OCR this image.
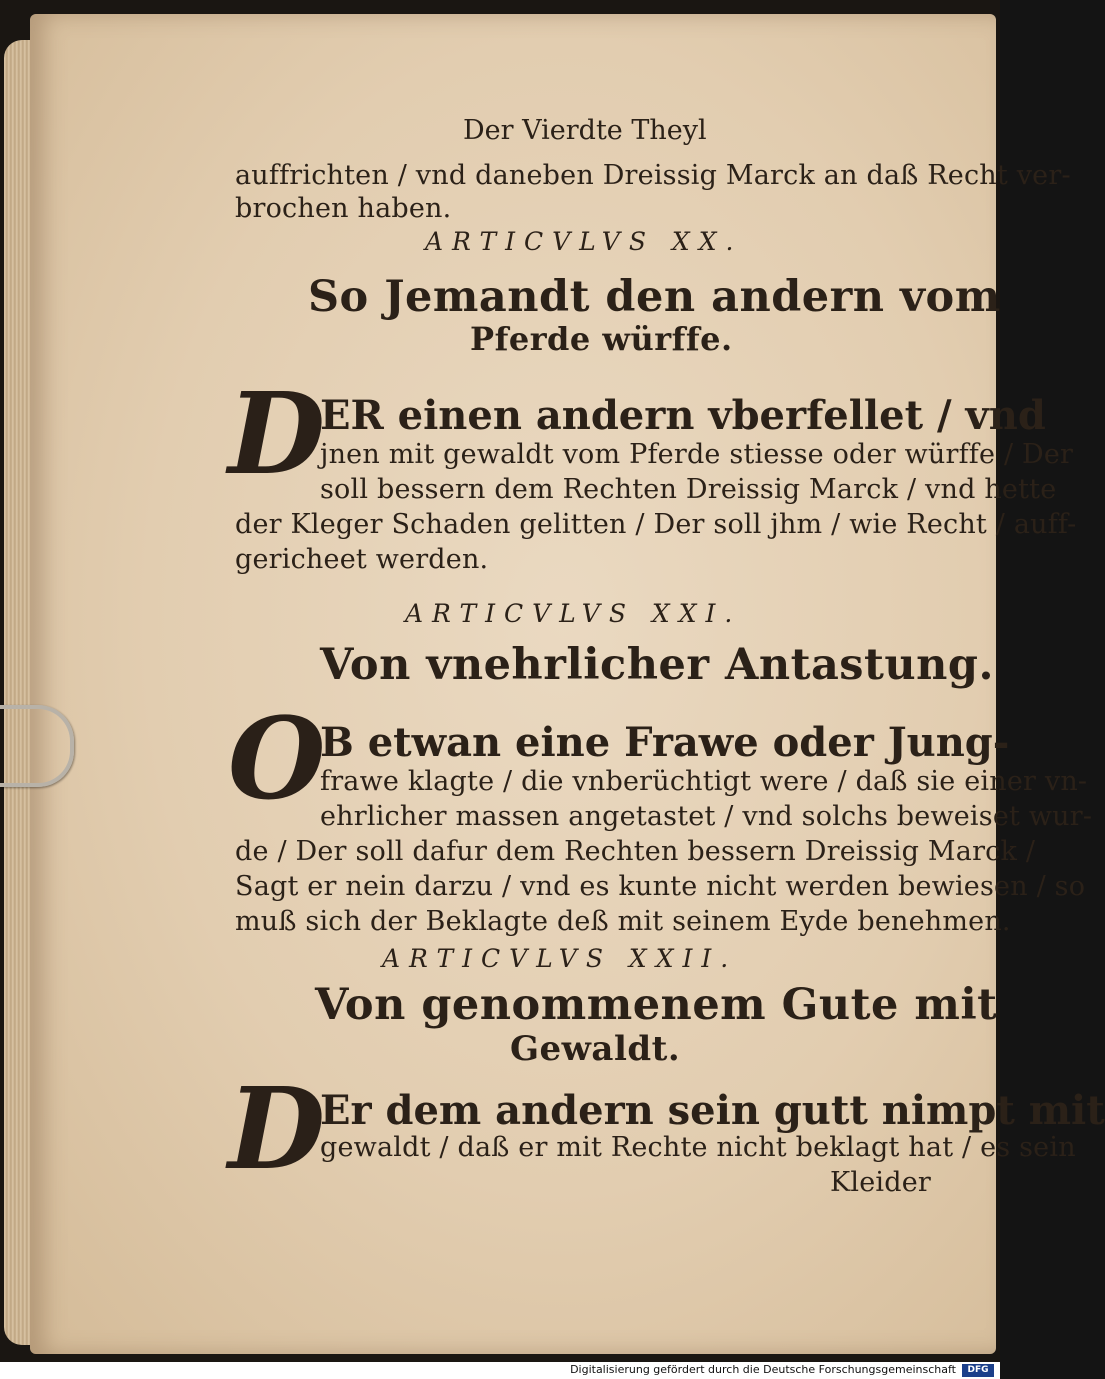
Der Vierdte Theyl
auffrichten / vnd daneben Dreissig Marck an daß Recht ver-
brochen haben.
ARTICVLVS XX.
So Jemandt den andern vom
Pferde würffe.
D
ER einen andern vberfellet / vnd
jnen mit gewaldt vom Pferde stiesse oder würffe / Der
soll bessern dem Rechten Dreissig Marck / vnd hette
der Kleger Schaden gelitten / Der soll jhm / wie Recht / auff-
gericheet werden.
ARTICVLVS XXI.
Von vnehrlicher Antastung.
O
B etwan eine Frawe oder Jung-
frawe klagte / die vnberüchtigt were / daß sie einer vn-
ehrlicher massen angetastet / vnd solchs beweiset wur-
de / Der soll dafur dem Rechten bessern Dreissig Marck /
Sagt er nein darzu / vnd es kunte nicht werden bewiesen / so
muß sich der Beklagte deß mit seinem Eyde benehmen.
ARTICVLVS XXII.
Von genommenem Gute mit
Gewaldt.
D
Er dem andern sein gutt nimpt mit
gewaldt / daß er mit Rechte nicht beklagt hat / es sein
Kleider
Digitalisierung gefördert durch die Deutsche Forschungsgemeinschaft	DFG
